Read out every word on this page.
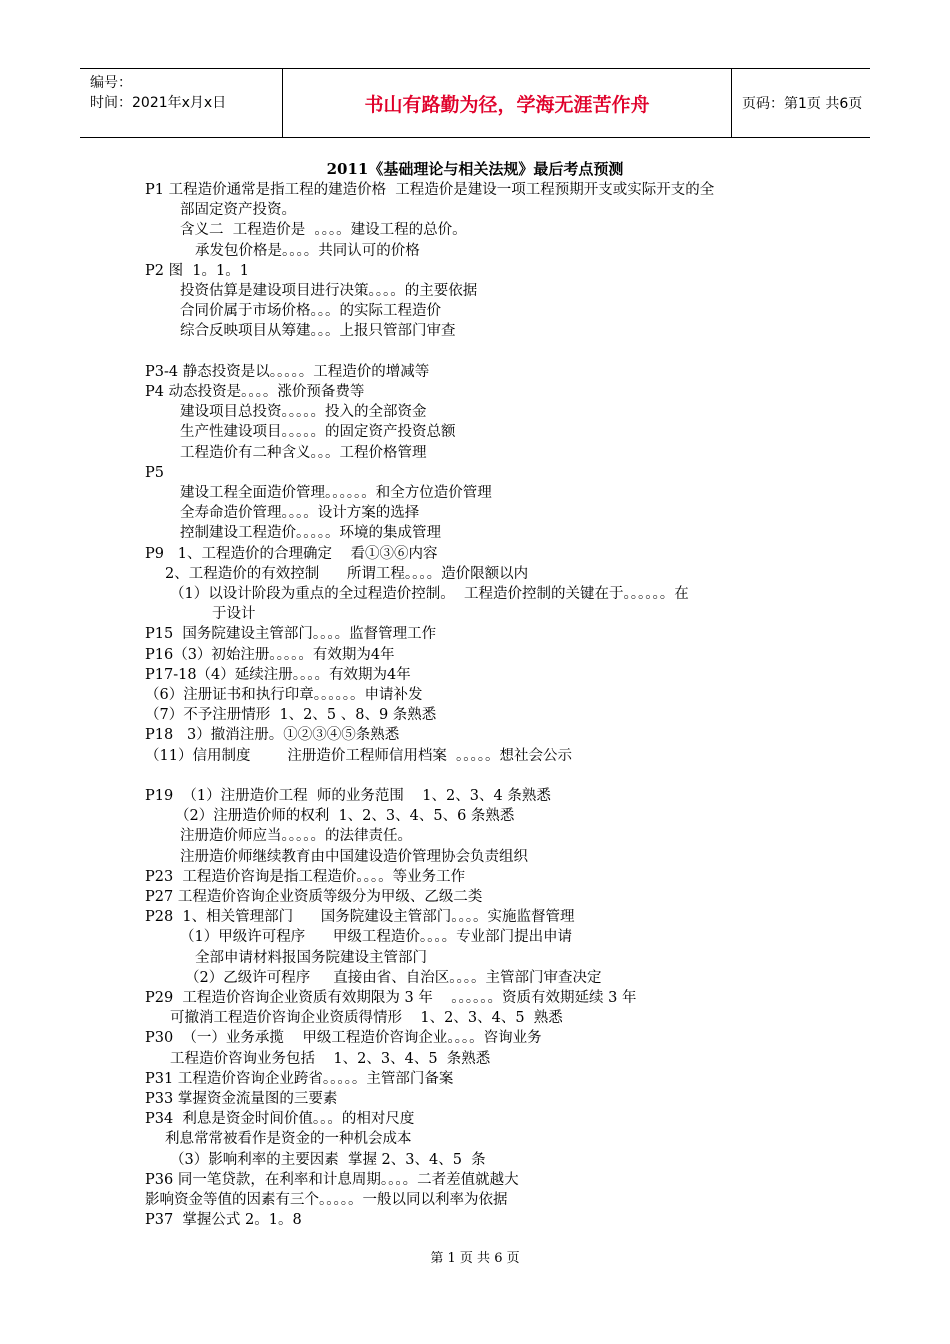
编号：
时间：2021年x月x日	书山有路勤为径，学海无涯苦作舟	页码：第1页 共6页
2011《基础理论与相关法规》最后考点预测
P1 工程造价通常是指工程的建造价格  工程造价是建设一项工程预期开支或实际开支的全
部固定资产投资。
含义二  工程造价是  。。。。建设工程的总价。
承发包价格是。。。。共同认可的价格
P2 图  1。1。1
投资估算是建设项目进行决策。。。。的主要依据
合同价属于市场价格。。。的实际工程造价
综合反映项目从筹建。。。上报只管部门审查
P3-4 静态投资是以。。。。。工程造价的增减等
P4 动态投资是。。。。涨价预备费等
建设项目总投资。。。。。投入的全部资金
生产性建设项目。。。。。的固定资产投资总额
工程造价有二种含义。。。工程价格管理
P5
建设工程全面造价管理。。。。。。和全方位造价管理
全寿命造价管理。。。。设计方案的选择
控制建设工程造价。。。。。环境的集成管理
P9   1、工程造价的合理确定    看①③⑥内容
2、工程造价的有效控制      所谓工程。。。。造价限额以内
（1）以设计阶段为重点的全过程造价控制。  工程造价控制的关键在于。。。。。。在
于设计
P15  国务院建设主管部门。。。。监督管理工作
P16（3）初始注册。。。。。有效期为4年
P17-18（4）延续注册。。。。有效期为4年
（6）注册证书和执行印章。。。。。。申请补发
（7）不予注册情形  1、2、5 、8、9 条熟悉
P18   3）撤消注册。①②③④⑤条熟悉
（11）信用制度        注册造价工程师信用档案  。。。。。想社会公示
P19  （1）注册造价工程  师的业务范围    1、2、3、4 条熟悉
（2）注册造价师的权利  1、2、3、4、5、6 条熟悉
注册造价师应当。。。。。的法律责任。
注册造价师继续教育由中国建设造价管理协会负责组织
P23  工程造价咨询是指工程造价。。。。等业务工作
P27 工程造价咨询企业资质等级分为甲级、乙级二类
P28  1、相关管理部门      国务院建设主管部门。。。。实施监督管理
（1）甲级许可程序      甲级工程造价。。。。专业部门提出申请
全部申请材料报国务院建设主管部门
（2）乙级许可程序     直接由省、自治区。。。。主管部门审查决定
P29  工程造价咨询企业资质有效期限为 3 年    。。。。。。资质有效期延续 3 年
可撤消工程造价咨询企业资质得情形    1、2、3、4、5  熟悉
P30  （一）业务承揽    甲级工程造价咨询企业。。。。咨询业务
工程造价咨询业务包括    1、2、3、4、5  条熟悉
P31 工程造价咨询企业跨省。。。。。主管部门备案
P33 掌握资金流量图的三要素
P34  利息是资金时间价值。。。的相对尺度
利息常常被看作是资金的一种机会成本
（3）影响利率的主要因素  掌握 2、3、4、5  条
P36 同一笔贷款，在利率和计息周期。。。。二者差值就越大
影响资金等值的因素有三个。。。。。一般以同以利率为依据
P37  掌握公式 2。1。8
第 1 页 共 6 页
